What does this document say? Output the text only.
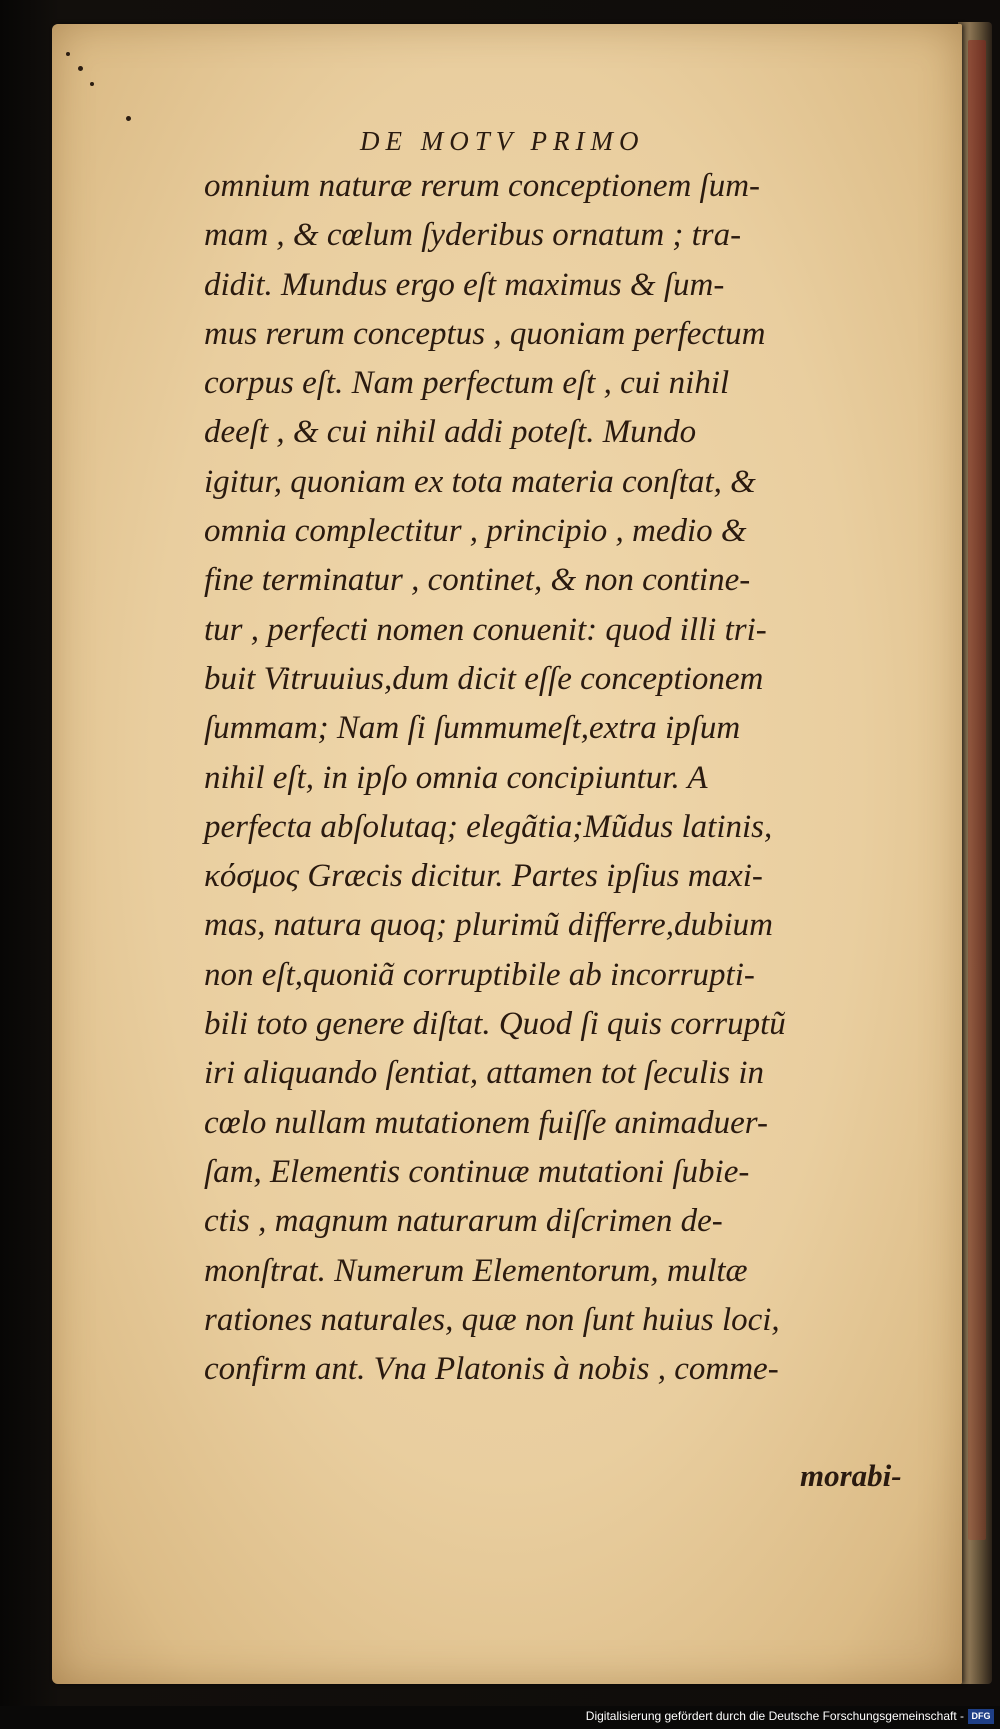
DE MOTV PRIMO
omnium naturæ rerum conceptionem ſum-
mam , & cœlum ſyderibus ornatum ; tra-
didit. Mundus ergo eſt maximus & ſum-
mus rerum conceptus , quoniam perfectum
corpus eſt. Nam perfectum eſt , cui nihil
deeſt , & cui nihil addi poteſt. Mundo
igitur, quoniam ex tota materia conſtat, &
omnia complectitur , principio , medio &
fine terminatur , continet, & non contine-
tur , perfecti nomen conuenit: quod illi tri-
buit Vitruuius,dum dicit eſſe conceptionem
ſummam; Nam ſi ſummumeſt,extra ipſum
nihil eſt, in ipſo omnia concipiuntur. A
perfecta abſolutaq; elegãtia;Mũdus latinis,
κόσμος Græcis dicitur. Partes ipſius maxi-
mas, natura quoq; plurimũ differre,dubium
non eſt,quoniã corruptibile ab incorrupti-
bili toto genere diſtat. Quod ſi quis corruptũ
iri aliquando ſentiat, attamen tot ſeculis in
cœlo nullam mutationem fuiſſe animaduer-
ſam, Elementis continuæ mutationi ſubie-
ctis , magnum naturarum diſcrimen de-
monſtrat. Numerum Elementorum, multæ
rationes naturales, quæ non ſunt huius loci,
confirm ant. Vna Platonis à nobis , comme-
morabi-
Digitalisierung gefördert durch die Deutsche Forschungsgemeinschaft - DFG
